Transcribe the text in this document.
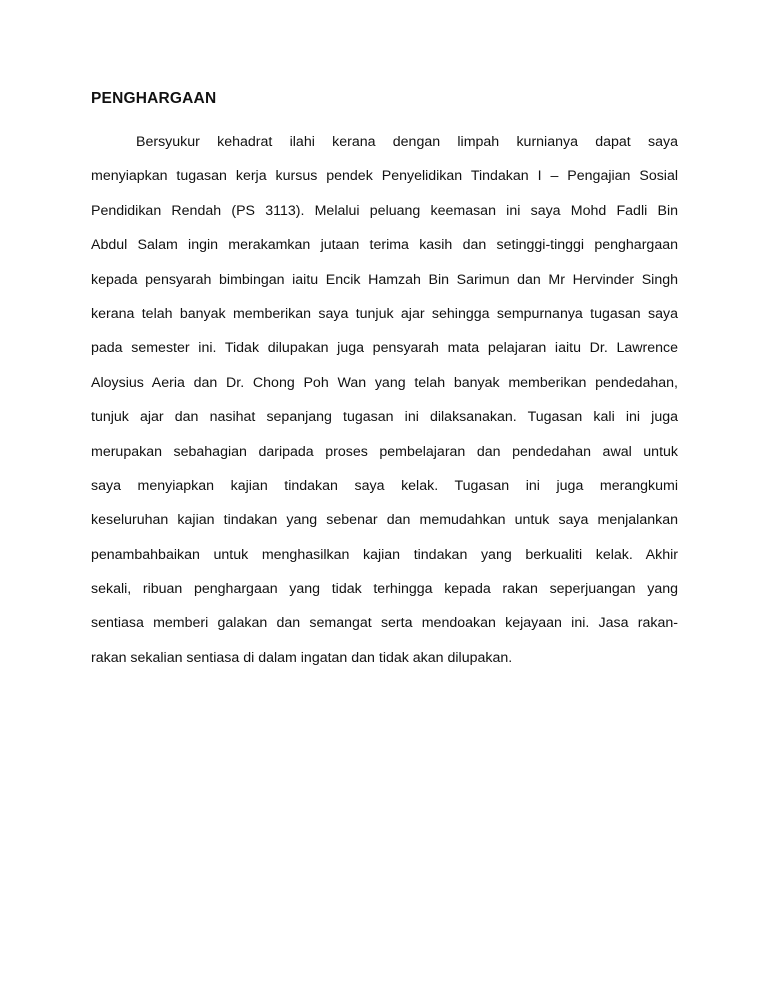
PENGHARGAAN
Bersyukur kehadrat ilahi kerana dengan limpah kurnianya dapat saya
menyiapkan tugasan kerja kursus pendek Penyelidikan Tindakan I – Pengajian Sosial
Pendidikan Rendah (PS 3113). Melalui peluang keemasan ini saya Mohd Fadli Bin
Abdul Salam ingin merakamkan jutaan terima kasih dan setinggi-tinggi penghargaan
kepada pensyarah bimbingan iaitu Encik Hamzah Bin Sarimun dan Mr Hervinder Singh
kerana telah banyak memberikan saya tunjuk ajar sehingga sempurnanya tugasan saya
pada semester ini. Tidak dilupakan juga pensyarah mata pelajaran iaitu Dr. Lawrence
Aloysius Aeria dan Dr. Chong Poh Wan yang telah banyak memberikan pendedahan,
tunjuk ajar dan nasihat sepanjang tugasan ini dilaksanakan. Tugasan kali ini juga
merupakan sebahagian daripada proses pembelajaran dan pendedahan awal untuk
saya menyiapkan kajian tindakan saya kelak. Tugasan ini juga merangkumi
keseluruhan kajian tindakan yang sebenar dan memudahkan untuk saya menjalankan
penambahbaikan untuk menghasilkan kajian tindakan yang berkualiti kelak. Akhir
sekali, ribuan penghargaan yang tidak terhingga kepada rakan seperjuangan yang
sentiasa memberi galakan dan semangat serta mendoakan kejayaan ini. Jasa rakan-
rakan sekalian sentiasa di dalam ingatan dan tidak akan dilupakan.
